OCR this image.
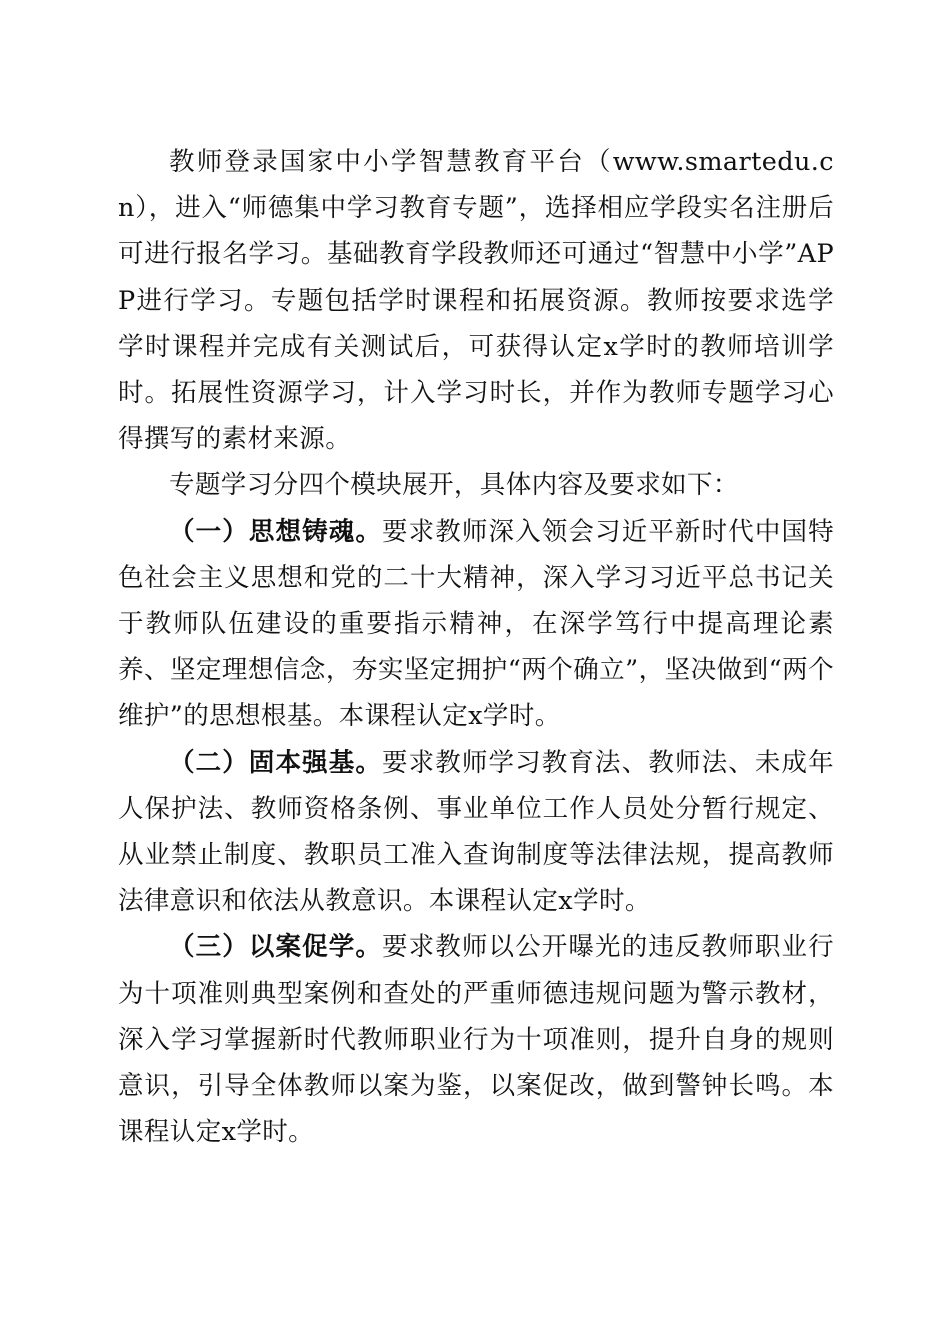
教师登录国家中小学智慧教育平台（www.smartedu.cn），进入“师德集中学习教育专题”，选择相应学段实名注册后可进行报名学习。基础教育学段教师还可通过“智慧中小学”APP进行学习。专题包括学时课程和拓展资源。教师按要求选学学时课程并完成有关测试后，可获得认定x学时的教师培训学时。拓展性资源学习，计入学习时长，并作为教师专题学习心得撰写的素材来源。

专题学习分四个模块展开，具体内容及要求如下：

（一）思想铸魂。要求教师深入领会习近平新时代中国特色社会主义思想和党的二十大精神，深入学习习近平总书记关于教师队伍建设的重要指示精神，在深学笃行中提高理论素养、坚定理想信念，夯实坚定拥护“两个确立”，坚决做到“两个维护”的思想根基。本课程认定x学时。

（二）固本强基。要求教师学习教育法、教师法、未成年人保护法、教师资格条例、事业单位工作人员处分暂行规定、从业禁止制度、教职员工准入查询制度等法律法规，提高教师法律意识和依法从教意识。本课程认定x学时。

（三）以案促学。要求教师以公开曝光的违反教师职业行为十项准则典型案例和查处的严重师德违规问题为警示教材，深入学习掌握新时代教师职业行为十项准则，提升自身的规则意识，引导全体教师以案为鉴，以案促改，做到警钟长鸣。本课程认定x学时。
